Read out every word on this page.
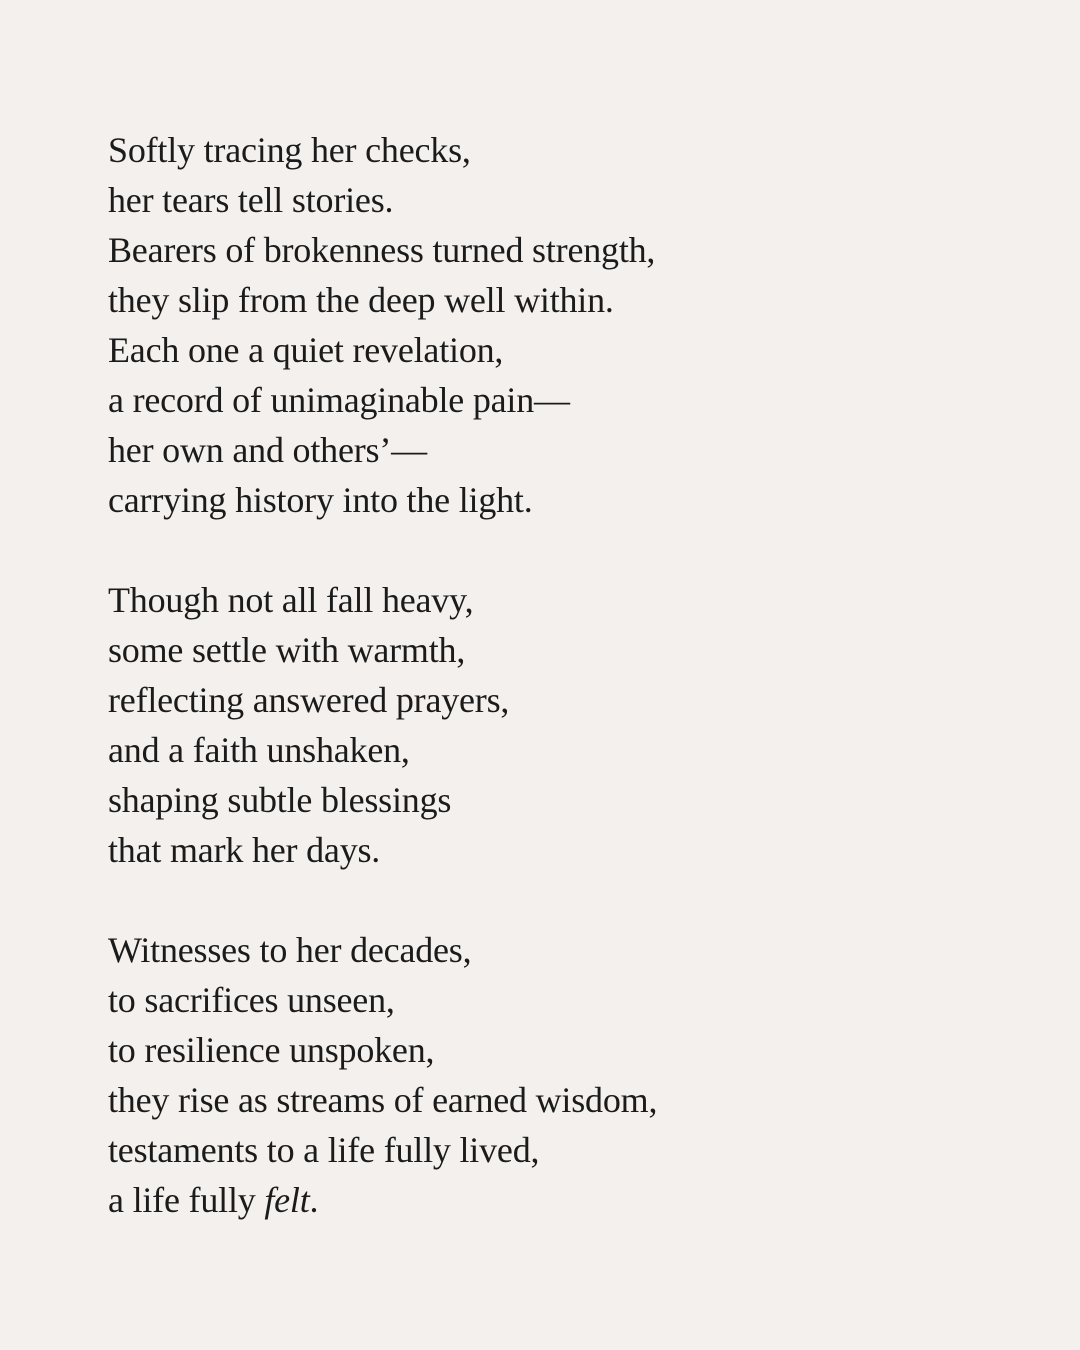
Softly tracing her checks,
her tears tell stories.
Bearers of brokenness turned strength,
they slip from the deep well within.
Each one a quiet revelation,
a record of unimaginable pain—
her own and others’—
carrying history into the light.

Though not all fall heavy,
some settle with warmth,
reflecting answered prayers,
and a faith unshaken,
shaping subtle blessings
that mark her days.

Witnesses to her decades,
to sacrifices unseen,
to resilience unspoken,
they rise as streams of earned wisdom,
testaments to a life fully lived,
a life fully felt.
